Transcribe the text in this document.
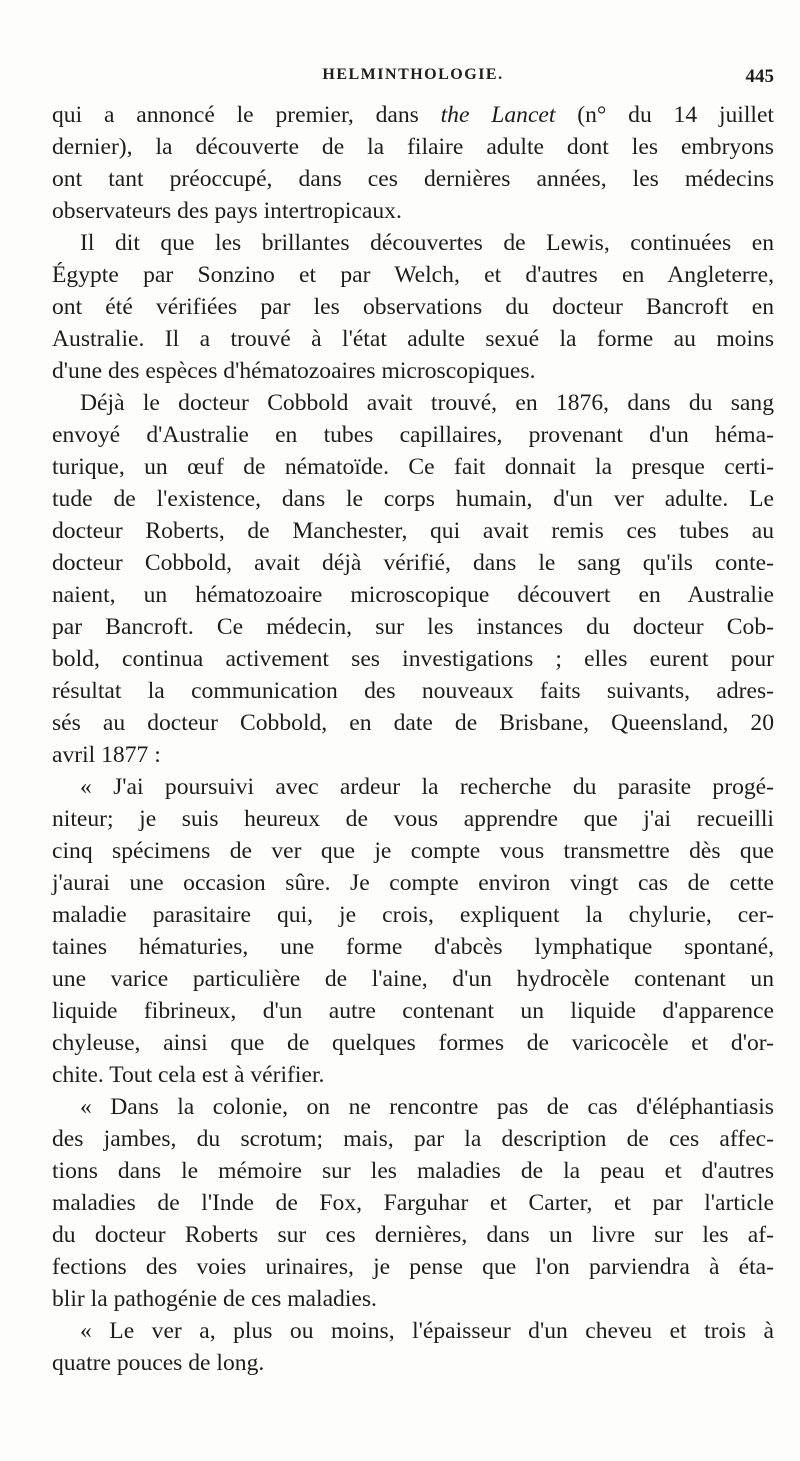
HELMINTHOLOGIE.	445
qui a annoncé le premier, dans the Lancet (n° du 14 juillet
dernier), la découverte de la filaire adulte dont les embryons
ont tant préoccupé, dans ces dernières années, les médecins
observateurs des pays intertropicaux.
Il dit que les brillantes découvertes de Lewis, continuées en
Égypte par Sonzino et par Welch, et d'autres en Angleterre,
ont été vérifiées par les observations du docteur Bancroft en
Australie. Il a trouvé à l'état adulte sexué la forme au moins
d'une des espèces d'hématozoaires microscopiques.
Déjà le docteur Cobbold avait trouvé, en 1876, dans du sang
envoyé d'Australie en tubes capillaires, provenant d'un héma-
turique, un œuf de nématoïde. Ce fait donnait la presque certi-
tude de l'existence, dans le corps humain, d'un ver adulte. Le
docteur Roberts, de Manchester, qui avait remis ces tubes au
docteur Cobbold, avait déjà vérifié, dans le sang qu'ils conte-
naient, un hématozoaire microscopique découvert en Australie
par Bancroft. Ce médecin, sur les instances du docteur Cob-
bold, continua activement ses investigations ; elles eurent pour
résultat la communication des nouveaux faits suivants, adres-
sés au docteur Cobbold, en date de Brisbane, Queensland, 20
avril 1877 :
« J'ai poursuivi avec ardeur la recherche du parasite progé-
niteur; je suis heureux de vous apprendre que j'ai recueilli
cinq spécimens de ver que je compte vous transmettre dès que
j'aurai une occasion sûre. Je compte environ vingt cas de cette
maladie parasitaire qui, je crois, expliquent la chylurie, cer-
taines hématuries, une forme d'abcès lymphatique spontané,
une varice particulière de l'aine, d'un hydrocèle contenant un
liquide fibrineux, d'un autre contenant un liquide d'apparence
chyleuse, ainsi que de quelques formes de varicocèle et d'or-
chite. Tout cela est à vérifier.
« Dans la colonie, on ne rencontre pas de cas d'éléphantiasis
des jambes, du scrotum; mais, par la description de ces affec-
tions dans le mémoire sur les maladies de la peau et d'autres
maladies de l'Inde de Fox, Farguhar et Carter, et par l'article
du docteur Roberts sur ces dernières, dans un livre sur les af-
fections des voies urinaires, je pense que l'on parviendra à éta-
blir la pathogénie de ces maladies.
« Le ver a, plus ou moins, l'épaisseur d'un cheveu et trois à
quatre pouces de long.
